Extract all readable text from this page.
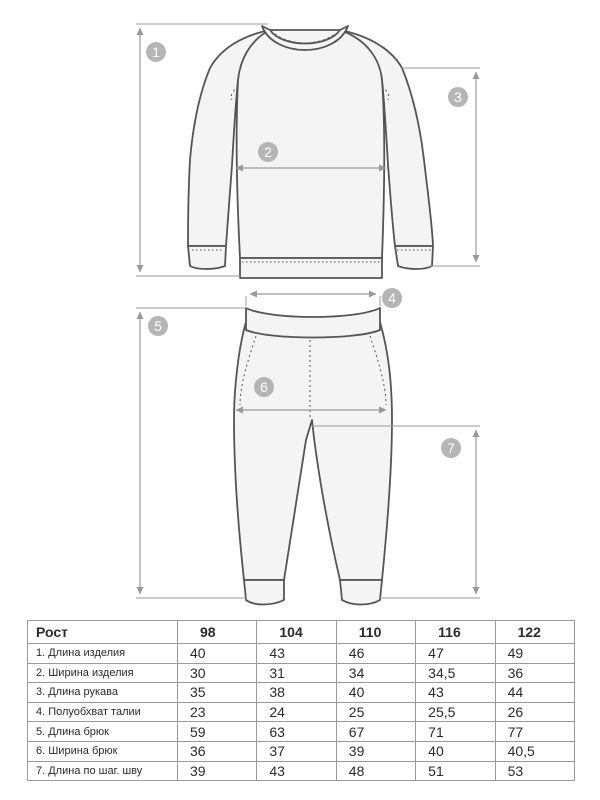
1
2
3
4
5
6
7
Рост	98	104	110	116	122
1. Длина изделия	40	43	46	47	49
2. Ширина изделия	30	31	34	34,5	36
3. Длина рукава	35	38	40	43	44
4. Полуобхват талии	23	24	25	25,5	26
5. Длина брюк	59	63	67	71	77
6. Ширина брюк	36	37	39	40	40,5
7. Длина по шаг. шву	39	43	48	51	53
